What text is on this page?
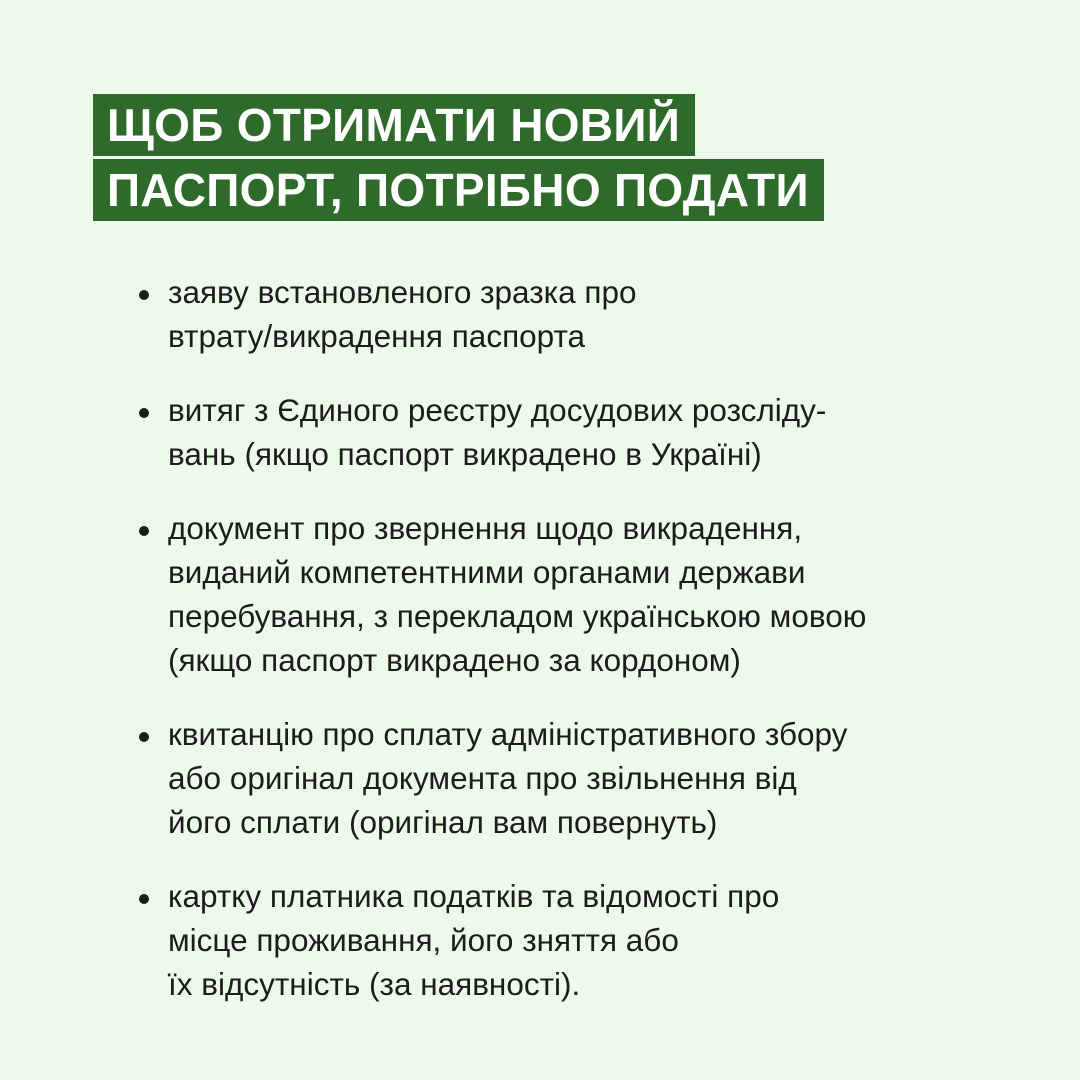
ЩОБ ОТРИМАТИ НОВИЙ
ПАСПОРТ, ПОТРІБНО ПОДАТИ
заяву встановленого зразка про
втрату/викрадення паспорта
витяг з Єдиного реєстру досудових розсліду-
вань (якщо паспорт викрадено в Україні)
документ про звернення щодо викрадення,
виданий компетентними органами держави
перебування, з перекладом українською мовою
(якщо паспорт викрадено за кордоном)
квитанцію про сплату адміністративного збору
або оригінал документа про звільнення від
його сплати (оригінал вам повернуть)
картку платника податків та відомості про
місце проживання, його зняття або
їх відсутність (за наявності).
